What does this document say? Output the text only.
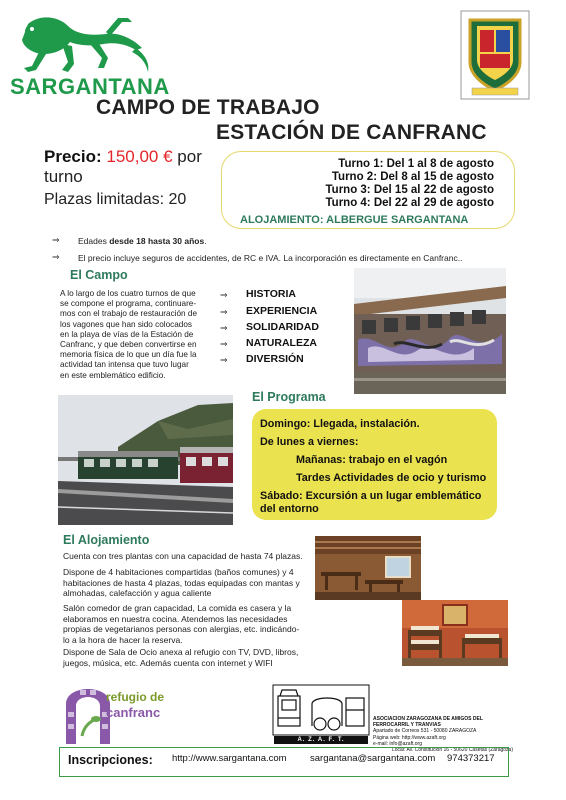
SARGANTANA
CAMPO DE TRABAJO
ESTACIÓN DE CANFRANC
Precio: 150,00 € por
turno
Plazas limitadas: 20
Turno 1: Del 1 al 8 de agosto
Turno 2: Del 8 al 15 de agosto
Turno 3: Del 15 al 22 de agosto
Turno 4: Del 22 al 29 de agosto
ALOJAMIENTO: ALBERGUE SARGANTANA
⇒ Edades desde 18 hasta 30 años.
⇒ El precio incluye seguros de accidentes, de RC e IVA. La incorporación es directamente en Canfranc..
El Campo
A lo largo de los cuatro turnos de que
se compone el programa, continuare-
mos con el trabajo de restauración de
los vagones que han sido colocados
en la playa de vías de la Estación de
Canfranc, y que deben convertirse en
memoria física de lo que un día fue la
actividad tan intensa que tuvo lugar
en este emblemático edificio.
⇒ HISTORIA
⇒ EXPERIENCIA
⇒ SOLIDARIDAD
⇒ NATURALEZA
⇒ DIVERSIÓN
El Programa
Domingo: Llegada, instalación.
De lunes a viernes:
Mañanas: trabajo en el vagón
Tardes Actividades de ocio y turismo
Sábado: Excursión a un lugar emblemático
del entorno
El Alojamiento
Cuenta con tres plantas con una capacidad de hasta 74 plazas.
Dispone de 4 habitaciones compartidas (baños comunes) y 4
habitaciones de hasta 4 plazas, todas equipadas con mantas y
almohadas, calefacción y agua caliente
Salón comedor de gran capacidad, La comida es casera y la
elaboramos en nuestra cocina. Atendemos las necesidades
propias de vegetarianos personas con alergias, etc. indicándo-
lo a la hora de hacer la reserva.
Dispone de Sala de Ocio anexa al refugio con TV, DVD, libros,
juegos, música, etc. Además cuenta con internet y WIFI
refugio de
canfranc
A. Z. A. F. T.
ASOCIACION ZARAGOZANA DE AMIGOS DEL FERROCARRIL Y TRANVIAS
Apartado de Correos 531 - 50080 ZARAGOZA
Página web: http://www.azaft.org
e-mail: info@azaft.org
Local: Av. Constitución 16 - 50620 Casetas (Zaragoza)
Inscripciones: http://www.sargantana.com sargantana@sargantana.com 974373217
